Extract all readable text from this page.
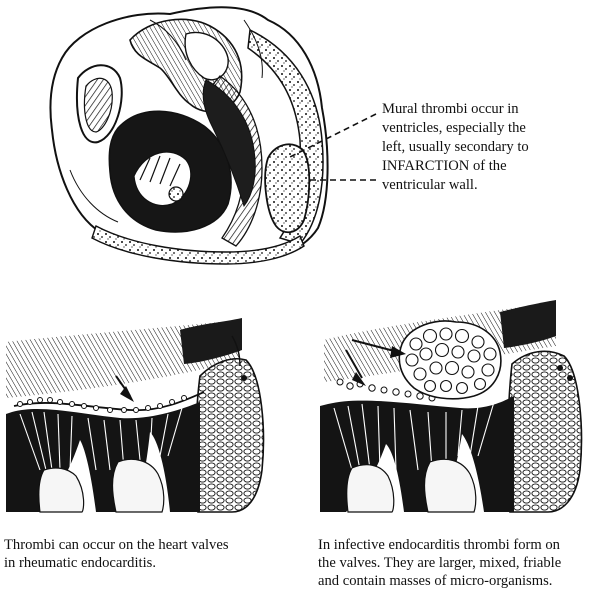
Mural thrombi occur in
ventricles, especially the
left, usually secondary to
INFARCTION of the
ventricular wall.
Thrombi can occur on the heart valves
in rheumatic endocarditis.
In infective endocarditis thrombi form on
the valves. They are larger, mixed, friable
and contain masses of micro-organisms.
